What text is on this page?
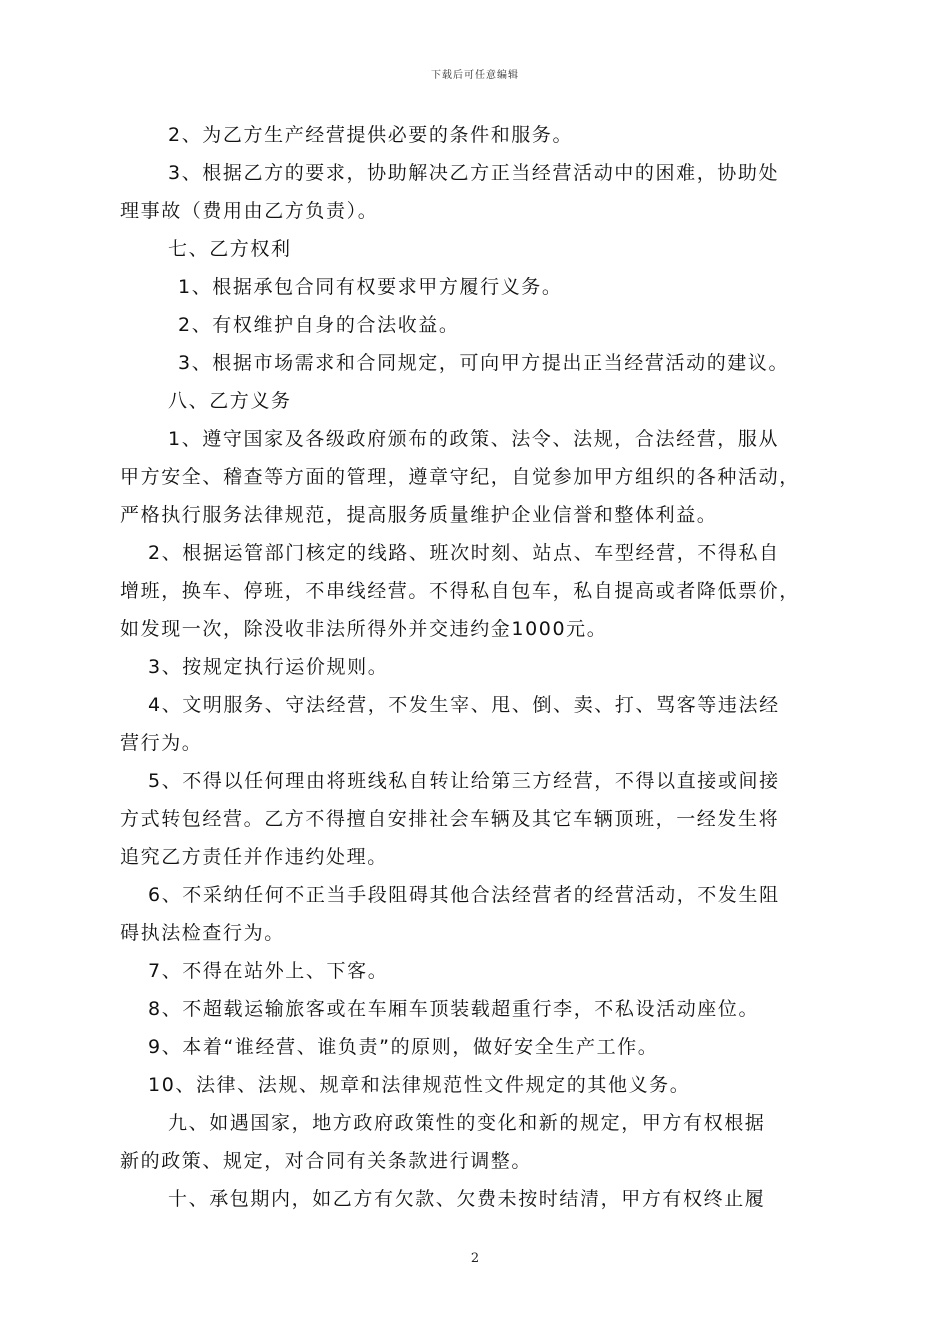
下载后可任意编辑

2、为乙方生产经营提供必要的条件和服务。

3、根据乙方的要求，协助解决乙方正当经营活动中的困难，协助处

理事故（费用由乙方负责）。

七、乙方权利

1、根据承包合同有权要求甲方履行义务。

2、有权维护自身的合法收益。

3、根据市场需求和合同规定，可向甲方提出正当经营活动的建议。

八、乙方义务

1、遵守国家及各级政府颁布的政策、法令、法规，合法经营，服从

甲方安全、稽查等方面的管理，遵章守纪，自觉参加甲方组织的各种活动，

严格执行服务法律规范，提高服务质量维护企业信誉和整体利益。

2、根据运管部门核定的线路、班次时刻、站点、车型经营，不得私自

增班，换车、停班，不串线经营。不得私自包车，私自提高或者降低票价，

如发现一次，除没收非法所得外并交违约金1000元。

3、按规定执行运价规则。

4、文明服务、守法经营，不发生宰、甩、倒、卖、打、骂客等违法经

营行为。

5、不得以任何理由将班线私自转让给第三方经营，不得以直接或间接

方式转包经营。乙方不得擅自安排社会车辆及其它车辆顶班，一经发生将

追究乙方责任并作违约处理。

6、不采纳任何不正当手段阻碍其他合法经营者的经营活动，不发生阻

碍执法检查行为。

7、不得在站外上、下客。

8、不超载运输旅客或在车厢车顶装载超重行李，不私设活动座位。

9、本着“谁经营、谁负责”的原则，做好安全生产工作。

10、法律、法规、规章和法律规范性文件规定的其他义务。

九、如遇国家，地方政府政策性的变化和新的规定，甲方有权根据

新的政策、规定，对合同有关条款进行调整。

十、承包期内，如乙方有欠款、欠费未按时结清，甲方有权终止履

2
